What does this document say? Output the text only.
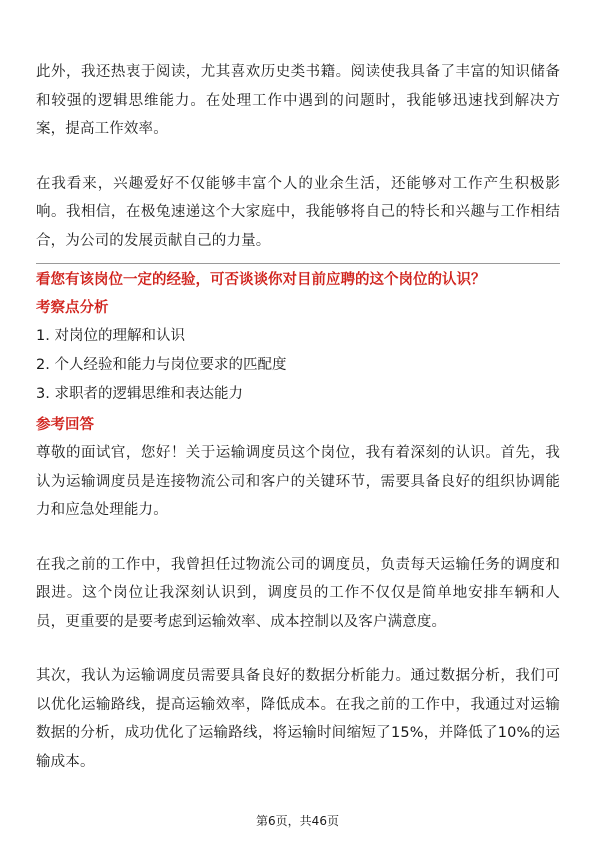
此外，我还热衷于阅读，尤其喜欢历史类书籍。阅读使我具备了丰富的知识储备和较强的逻辑思维能力。在处理工作中遇到的问题时，我能够迅速找到解决方案，提高工作效率。

在我看来，兴趣爱好不仅能够丰富个人的业余生活，还能够对工作产生积极影响。我相信，在极兔速递这个大家庭中，我能够将自己的特长和兴趣与工作相结合，为公司的发展贡献自己的力量。

看您有该岗位一定的经验，可否谈谈你对目前应聘的这个岗位的认识？

考察点分析

1. 对岗位的理解和认识
2. 个人经验和能力与岗位要求的匹配度
3. 求职者的逻辑思维和表达能力

参考回答

尊敬的面试官，您好！关于运输调度员这个岗位，我有着深刻的认识。首先，我认为运输调度员是连接物流公司和客户的关键环节，需要具备良好的组织协调能力和应急处理能力。

在我之前的工作中，我曾担任过物流公司的调度员，负责每天运输任务的调度和跟进。这个岗位让我深刻认识到，调度员的工作不仅仅是简单地安排车辆和人员，更重要的是要考虑到运输效率、成本控制以及客户满意度。

其次，我认为运输调度员需要具备良好的数据分析能力。通过数据分析，我们可以优化运输路线，提高运输效率，降低成本。在我之前的工作中，我通过对运输数据的分析，成功优化了运输路线，将运输时间缩短了15%，并降低了10%的运输成本。

第6页，共46页
